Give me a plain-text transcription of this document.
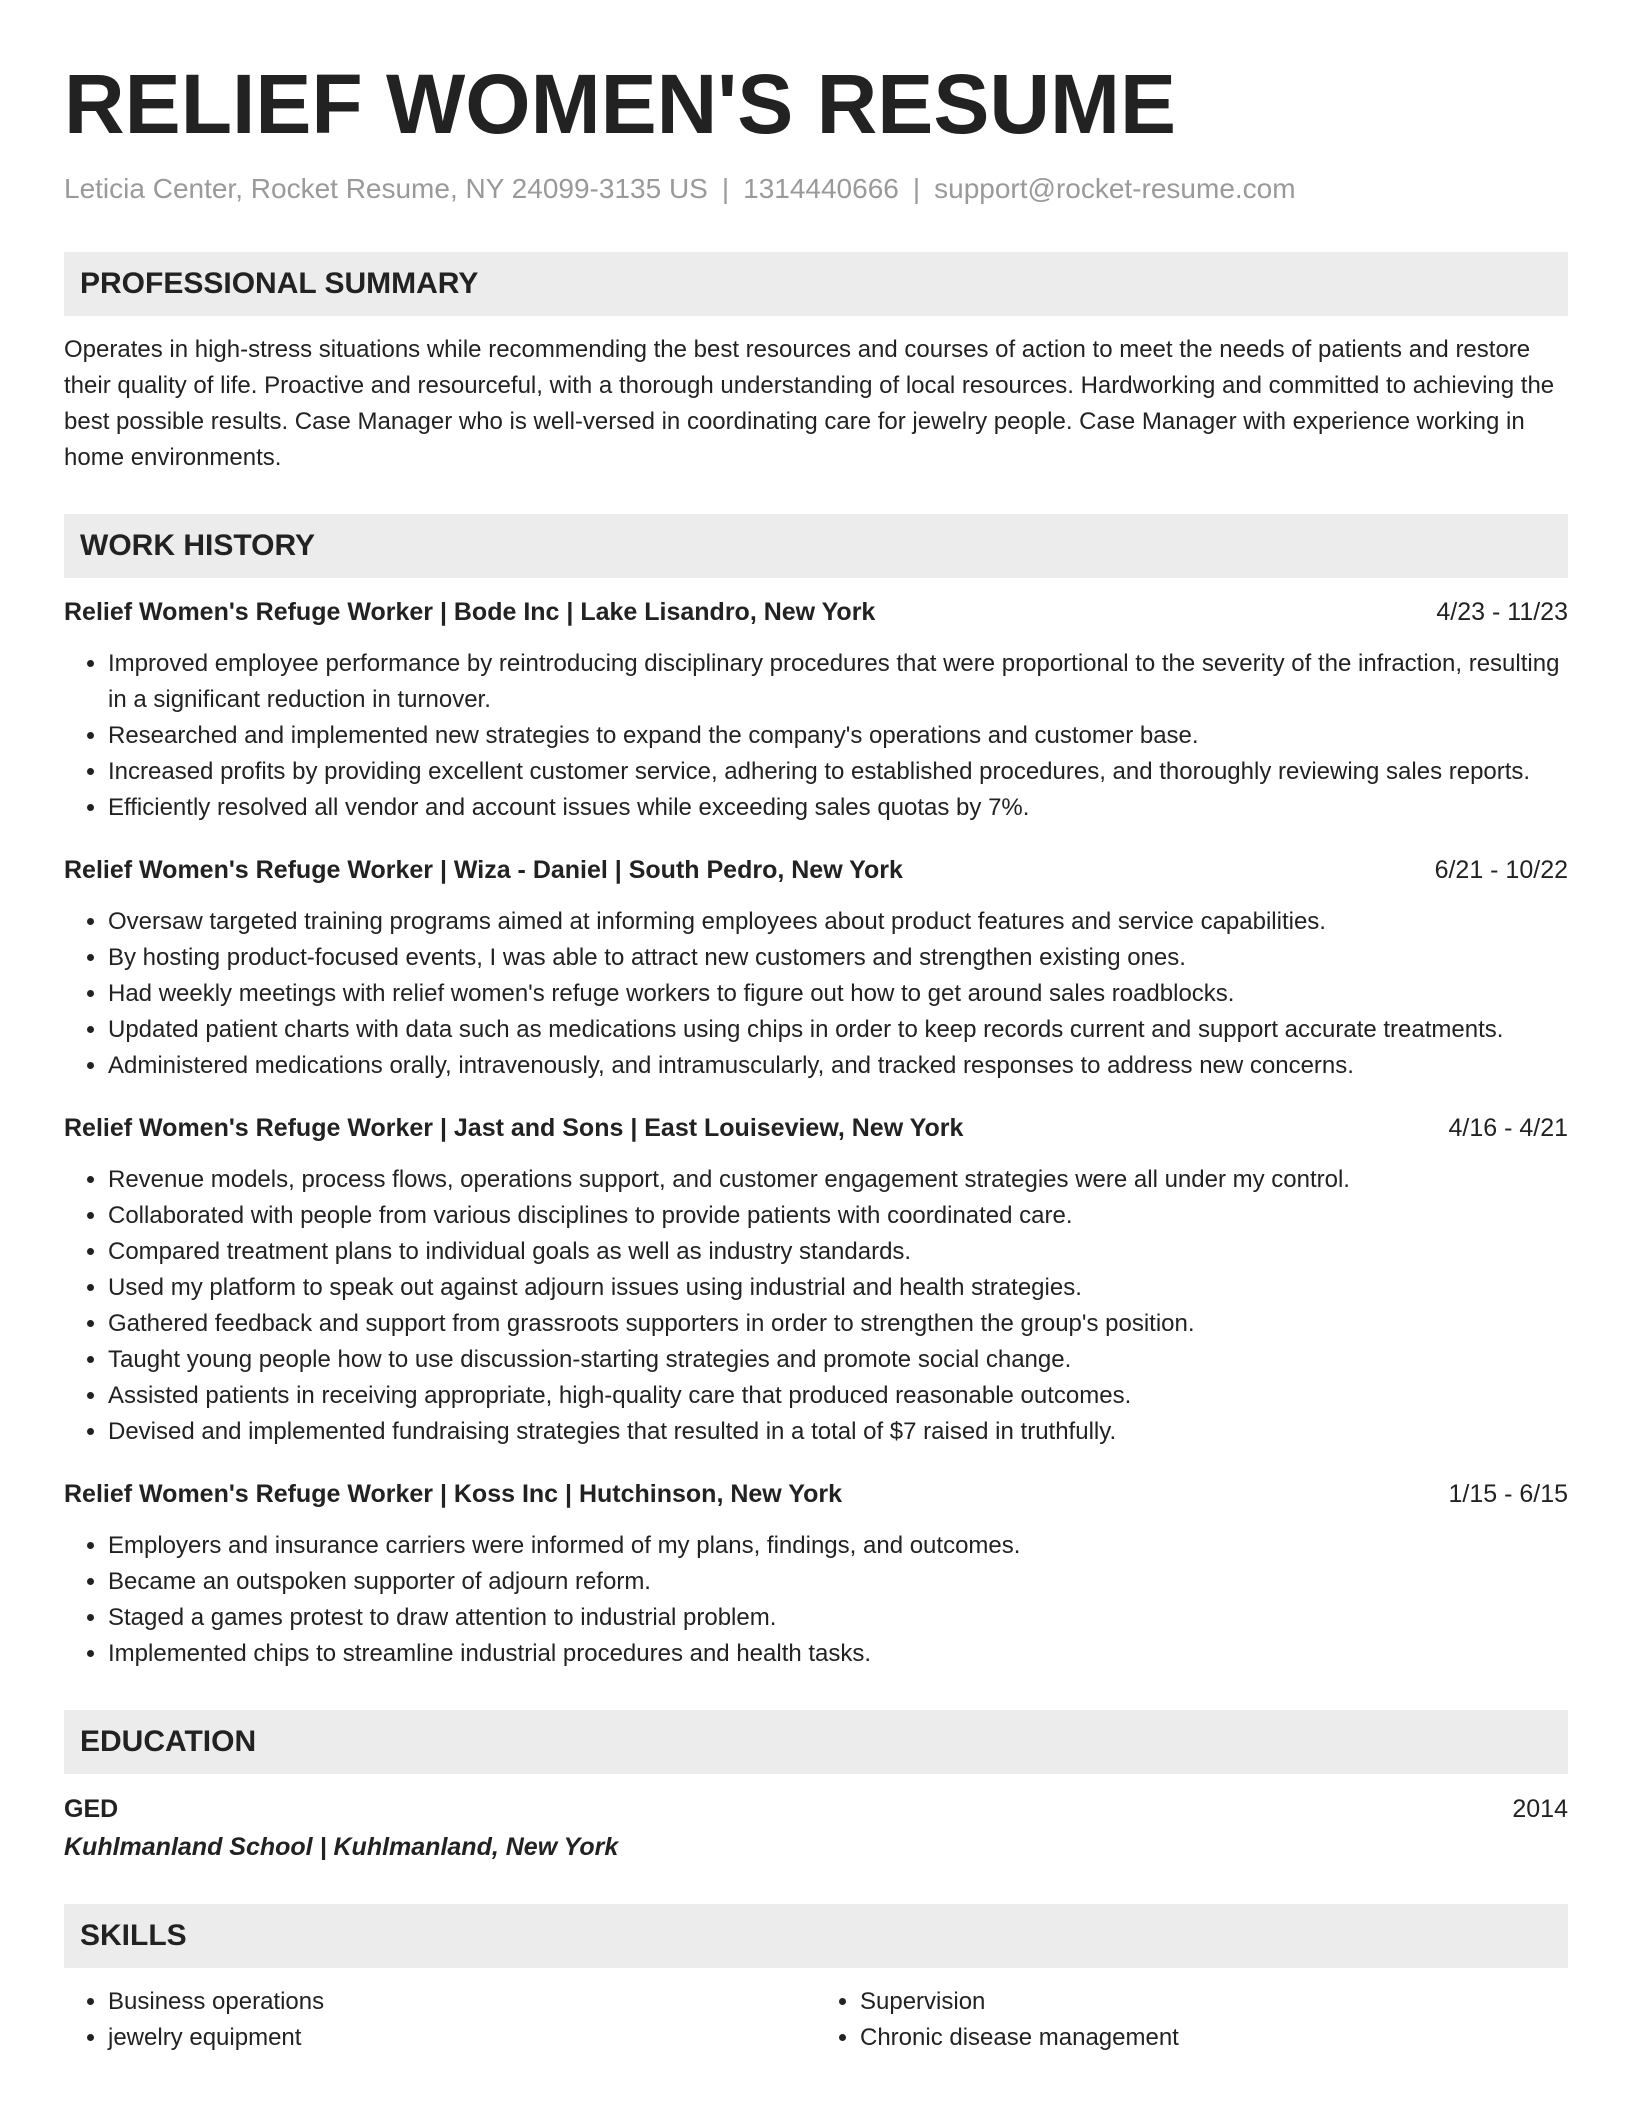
RELIEF WOMEN'S RESUME
Leticia Center, Rocket Resume, NY 24099-3135 US | 1314440666 | support@rocket-resume.com
PROFESSIONAL SUMMARY
Operates in high-stress situations while recommending the best resources and courses of action to meet the needs of patients and restore their quality of life. Proactive and resourceful, with a thorough understanding of local resources. Hardworking and committed to achieving the best possible results. Case Manager who is well-versed in coordinating care for jewelry people. Case Manager with experience working in home environments.
WORK HISTORY
Relief Women's Refuge Worker | Bode Inc | Lake Lisandro, New York	4/23 - 11/23
• Improved employee performance by reintroducing disciplinary procedures that were proportional to the severity of the infraction, resulting in a significant reduction in turnover.
• Researched and implemented new strategies to expand the company's operations and customer base.
• Increased profits by providing excellent customer service, adhering to established procedures, and thoroughly reviewing sales reports.
• Efficiently resolved all vendor and account issues while exceeding sales quotas by 7%.
Relief Women's Refuge Worker | Wiza - Daniel | South Pedro, New York	6/21 - 10/22
• Oversaw targeted training programs aimed at informing employees about product features and service capabilities.
• By hosting product-focused events, I was able to attract new customers and strengthen existing ones.
• Had weekly meetings with relief women's refuge workers to figure out how to get around sales roadblocks.
• Updated patient charts with data such as medications using chips in order to keep records current and support accurate treatments.
• Administered medications orally, intravenously, and intramuscularly, and tracked responses to address new concerns.
Relief Women's Refuge Worker | Jast and Sons | East Louiseview, New York	4/16 - 4/21
• Revenue models, process flows, operations support, and customer engagement strategies were all under my control.
• Collaborated with people from various disciplines to provide patients with coordinated care.
• Compared treatment plans to individual goals as well as industry standards.
• Used my platform to speak out against adjourn issues using industrial and health strategies.
• Gathered feedback and support from grassroots supporters in order to strengthen the group's position.
• Taught young people how to use discussion-starting strategies and promote social change.
• Assisted patients in receiving appropriate, high-quality care that produced reasonable outcomes.
• Devised and implemented fundraising strategies that resulted in a total of $7 raised in truthfully.
Relief Women's Refuge Worker | Koss Inc | Hutchinson, New York	1/15 - 6/15
• Employers and insurance carriers were informed of my plans, findings, and outcomes.
• Became an outspoken supporter of adjourn reform.
• Staged a games protest to draw attention to industrial problem.
• Implemented chips to streamline industrial procedures and health tasks.
EDUCATION
GED	2014
Kuhlmanland School | Kuhlmanland, New York
SKILLS
• Business operations
• jewelry equipment
• Supervision
• Chronic disease management
